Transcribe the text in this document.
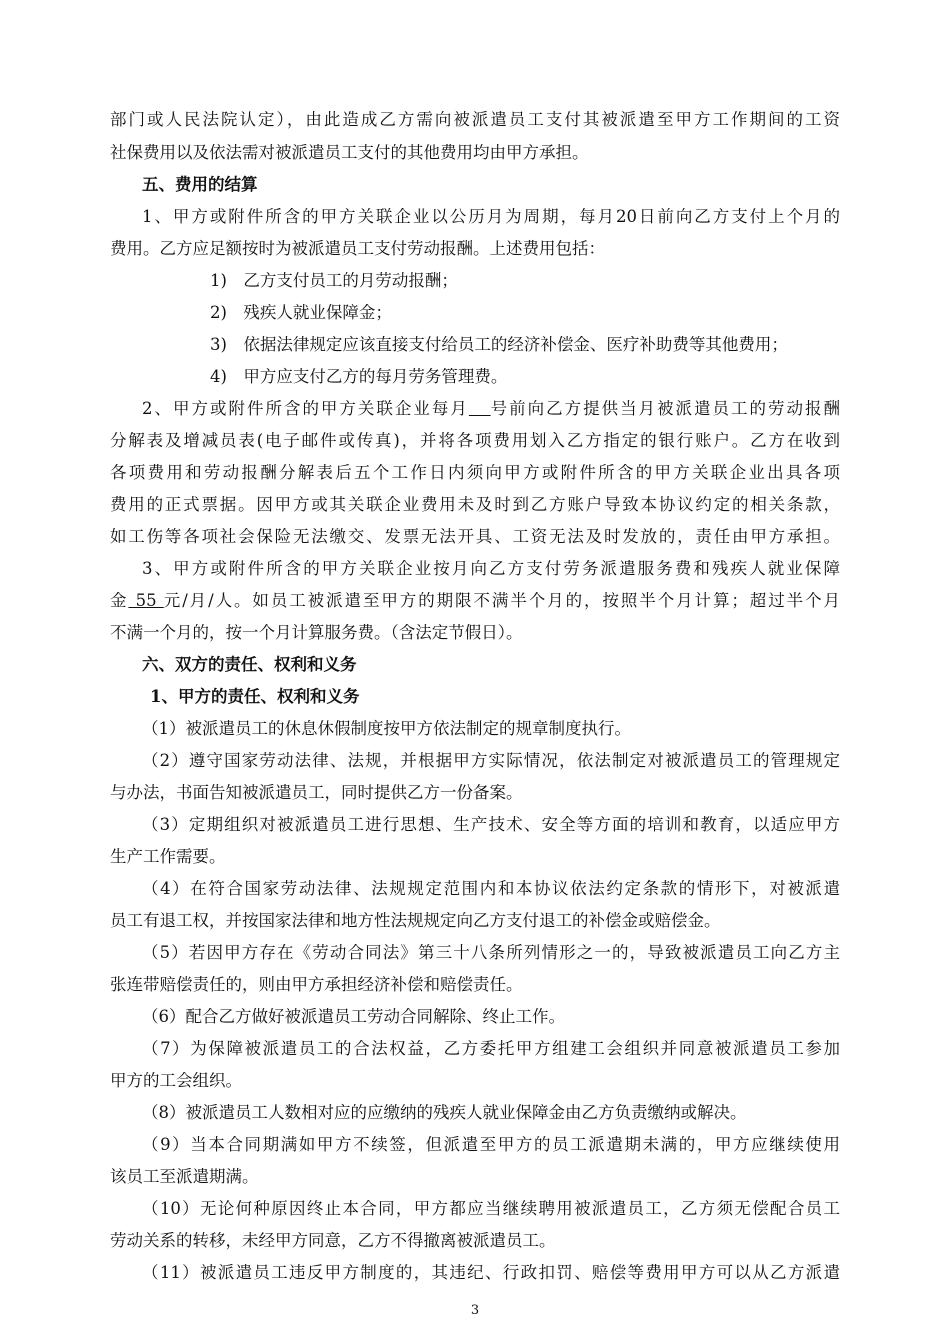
部门或人民法院认定），由此造成乙方需向被派遣员工支付其被派遣至甲方工作期间的工资
社保费用以及依法需对被派遣员工支付的其他费用均由甲方承担。
五、费用的结算
1、甲方或附件所含的甲方关联企业以公历月为周期，每月20日前向乙方支付上个月的
费用。乙方应足额按时为被派遣员工支付劳动报酬。上述费用包括：
1)　乙方支付员工的月劳动报酬；
2)　残疾人就业保障金；
3)　依据法律规定应该直接支付给员工的经济补偿金、医疗补助费等其他费用；
4)　甲方应支付乙方的每月劳务管理费。
2、甲方或附件所含的甲方关联企业每月 号前向乙方提供当月被派遣员工的劳动报酬
分解表及增减员表(电子邮件或传真)，并将各项费用划入乙方指定的银行账户。乙方在收到
各项费用和劳动报酬分解表后五个工作日内须向甲方或附件所含的甲方关联企业出具各项
费用的正式票据。因甲方或其关联企业费用未及时到乙方账户导致本协议约定的相关条款，
如工伤等各项社会保险无法缴交、发票无法开具、工资无法及时发放的，责任由甲方承担。
3、甲方或附件所含的甲方关联企业按月向乙方支付劳务派遣服务费和残疾人就业保障
金 55 元/月/人。如员工被派遣至甲方的期限不满半个月的，按照半个月计算；超过半个月
不满一个月的，按一个月计算服务费。（含法定节假日）。
六、双方的责任、权利和义务
1、甲方的责任、权利和义务
（1）被派遣员工的休息休假制度按甲方依法制定的规章制度执行。
（2）遵守国家劳动法律、法规，并根据甲方实际情况，依法制定对被派遣员工的管理规定
与办法，书面告知被派遣员工，同时提供乙方一份备案。
（3）定期组织对被派遣员工进行思想、生产技术、安全等方面的培训和教育，以适应甲方
生产工作需要。
（4）在符合国家劳动法律、法规规定范围内和本协议依法约定条款的情形下，对被派遣
员工有退工权，并按国家法律和地方性法规规定向乙方支付退工的补偿金或赔偿金。
（5）若因甲方存在《劳动合同法》第三十八条所列情形之一的，导致被派遣员工向乙方主
张连带赔偿责任的，则由甲方承担经济补偿和赔偿责任。
（6）配合乙方做好被派遣员工劳动合同解除、终止工作。
（7）为保障被派遣员工的合法权益，乙方委托甲方组建工会组织并同意被派遣员工参加
甲方的工会组织。
（8）被派遣员工人数相对应的应缴纳的残疾人就业保障金由乙方负责缴纳或解决。
（9）当本合同期满如甲方不续签，但派遣至甲方的员工派遣期未满的，甲方应继续使用
该员工至派遣期满。
（10）无论何种原因终止本合同，甲方都应当继续聘用被派遣员工，乙方须无偿配合员工
劳动关系的转移，未经甲方同意，乙方不得撤离被派遣员工。
（11）被派遣员工违反甲方制度的，其违纪、行政扣罚、赔偿等费用甲方可以从乙方派遣
3
